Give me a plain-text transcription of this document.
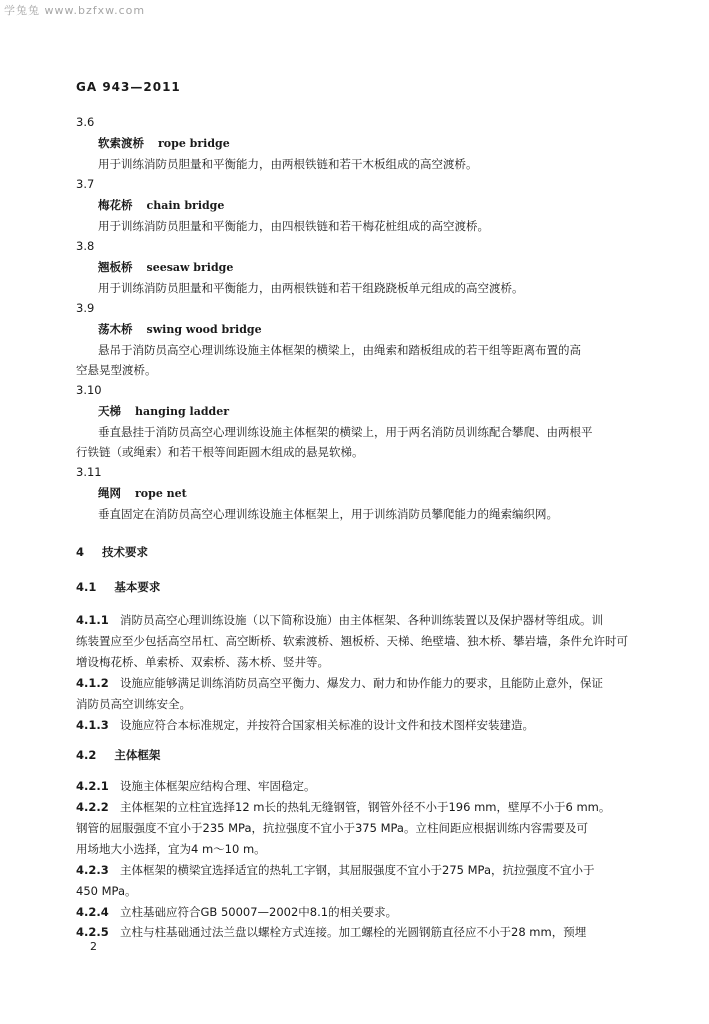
学兔兔 www.bzfxw.com
GA 943—2011
3.6
软索渡桥 rope bridge
用于训练消防员胆量和平衡能力，由两根铁链和若干木板组成的高空渡桥。
3.7
梅花桥 chain bridge
用于训练消防员胆量和平衡能力，由四根铁链和若干梅花桩组成的高空渡桥。
3.8
翘板桥 seesaw bridge
用于训练消防员胆量和平衡能力，由两根铁链和若干组跷跷板单元组成的高空渡桥。
3.9
荡木桥 swing wood bridge
悬吊于消防员高空心理训练设施主体框架的横梁上，由绳索和踏板组成的若干组等距离布置的高
空悬晃型渡桥。
3.10
天梯 hanging ladder
垂直悬挂于消防员高空心理训练设施主体框架的横梁上，用于两名消防员训练配合攀爬、由两根平
行铁链（或绳索）和若干根等间距圆木组成的悬晃软梯。
3.11
绳网 rope net
垂直固定在消防员高空心理训练设施主体框架上，用于训练消防员攀爬能力的绳索编织网。
4 技术要求
4.1 基本要求
4.1.1 消防员高空心理训练设施（以下简称设施）由主体框架、各种训练装置以及保护器材等组成。训
练装置应至少包括高空吊杠、高空断桥、软索渡桥、翘板桥、天梯、绝壁墙、独木桥、攀岩墙，条件允许时可
增设梅花桥、单索桥、双索桥、荡木桥、竖井等。
4.1.2 设施应能够满足训练消防员高空平衡力、爆发力、耐力和协作能力的要求，且能防止意外，保证
消防员高空训练安全。
4.1.3 设施应符合本标准规定，并按符合国家相关标准的设计文件和技术图样安装建造。
4.2 主体框架
4.2.1 设施主体框架应结构合理、牢固稳定。
4.2.2 主体框架的立柱宜选择12 m长的热轧无缝钢管，钢管外径不小于196 mm，壁厚不小于6 mm。
钢管的屈服强度不宜小于235 MPa，抗拉强度不宜小于375 MPa。立柱间距应根据训练内容需要及可
用场地大小选择，宜为4 m～10 m。
4.2.3 主体框架的横梁宜选择适宜的热轧工字钢，其屈服强度不宜小于275 MPa，抗拉强度不宜小于
450 MPa。
4.2.4 立柱基础应符合GB 50007—2002中8.1的相关要求。
4.2.5 立柱与柱基础通过法兰盘以螺栓方式连接。加工螺栓的光圆钢筋直径应不小于28 mm，预埋
2
